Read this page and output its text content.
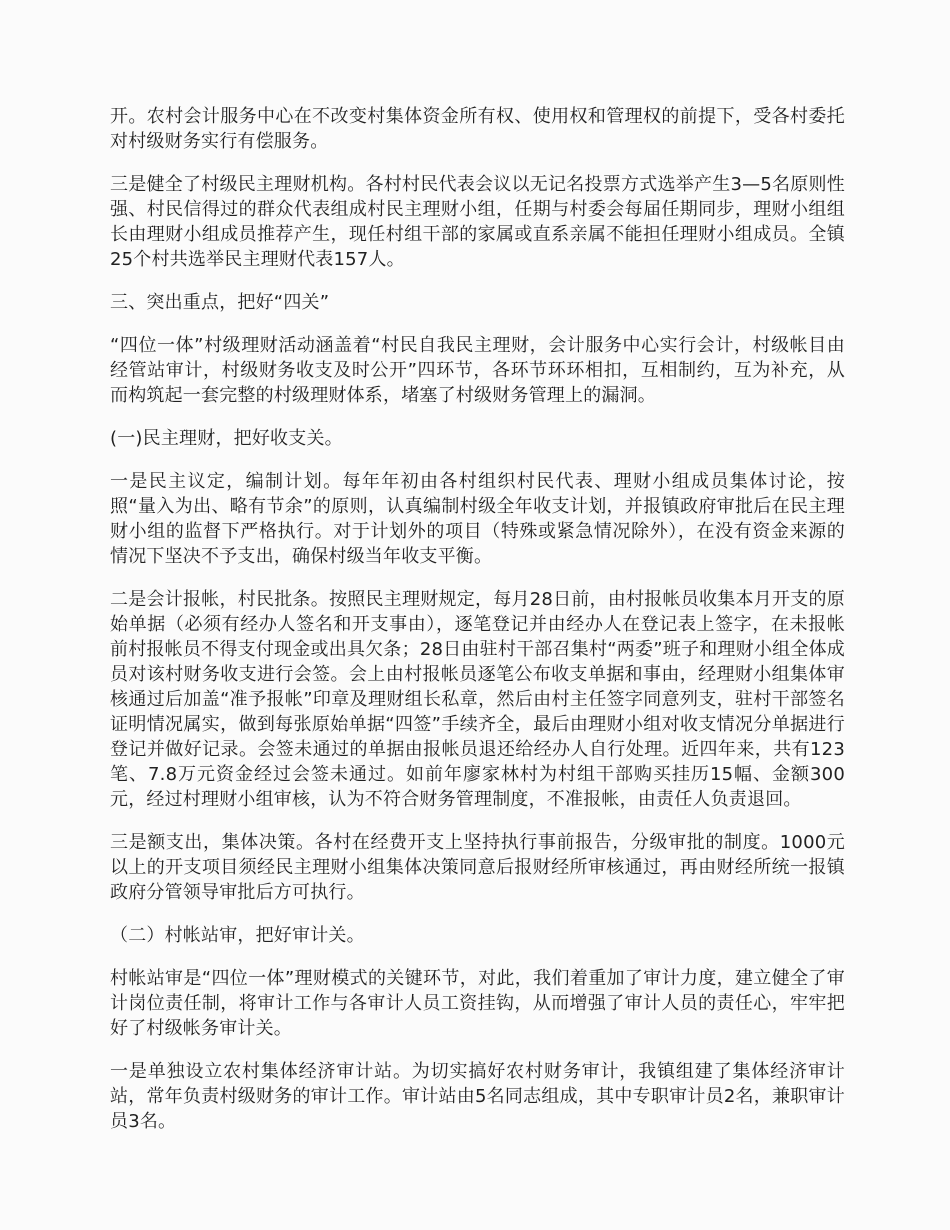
开。农村会计服务中心在不改变村集体资金所有权、使用权和管理权的前提下，受各村委托对村级财务实行有偿服务。

三是健全了村级民主理财机构。各村村民代表会议以无记名投票方式选举产生3—5名原则性强、村民信得过的群众代表组成村民主理财小组，任期与村委会每届任期同步，理财小组组长由理财小组成员推荐产生，现任村组干部的家属或直系亲属不能担任理财小组成员。全镇25个村共选举民主理财代表157人。

三、突出重点，把好“四关”

“四位一体”村级理财活动涵盖着“村民自我民主理财，会计服务中心实行会计，村级帐目由经管站审计，村级财务收支及时公开”四环节，各环节环环相扣，互相制约，互为补充，从而构筑起一套完整的村级理财体系，堵塞了村级财务管理上的漏洞。

(一)民主理财，把好收支关。

一是民主议定，编制计划。每年年初由各村组织村民代表、理财小组成员集体讨论，按照“量入为出、略有节余”的原则，认真编制村级全年收支计划，并报镇政府审批后在民主理财小组的监督下严格执行。对于计划外的项目（特殊或紧急情况除外），在没有资金来源的情况下坚决不予支出，确保村级当年收支平衡。

二是会计报帐，村民批条。按照民主理财规定，每月28日前，由村报帐员收集本月开支的原始单据（必须有经办人签名和开支事由），逐笔登记并由经办人在登记表上签字，在未报帐前村报帐员不得支付现金或出具欠条；28日由驻村干部召集村“两委”班子和理财小组全体成员对该村财务收支进行会签。会上由村报帐员逐笔公布收支单据和事由，经理财小组集体审核通过后加盖“准予报帐”印章及理财组长私章，然后由村主任签字同意列支，驻村干部签名证明情况属实，做到每张原始单据“四签”手续齐全，最后由理财小组对收支情况分单据进行登记并做好记录。会签未通过的单据由报帐员退还给经办人自行处理。近四年来，共有123笔、7.8万元资金经过会签未通过。如前年廖家林村为村组干部购买挂历15幅、金额300元，经过村理财小组审核，认为不符合财务管理制度，不准报帐，由责任人负责退回。

三是额支出，集体决策。各村在经费开支上坚持执行事前报告，分级审批的制度。1000元以上的开支项目须经民主理财小组集体决策同意后报财经所审核通过，再由财经所统一报镇政府分管领导审批后方可执行。

（二）村帐站审，把好审计关。

村帐站审是“四位一体”理财模式的关键环节，对此，我们着重加了审计力度，建立健全了审计岗位责任制，将审计工作与各审计人员工资挂钩，从而增强了审计人员的责任心，牢牢把好了村级帐务审计关。

一是单独设立农村集体经济审计站。为切实搞好农村财务审计，我镇组建了集体经济审计站，常年负责村级财务的审计工作。审计站由5名同志组成，其中专职审计员2名，兼职审计员3名。
